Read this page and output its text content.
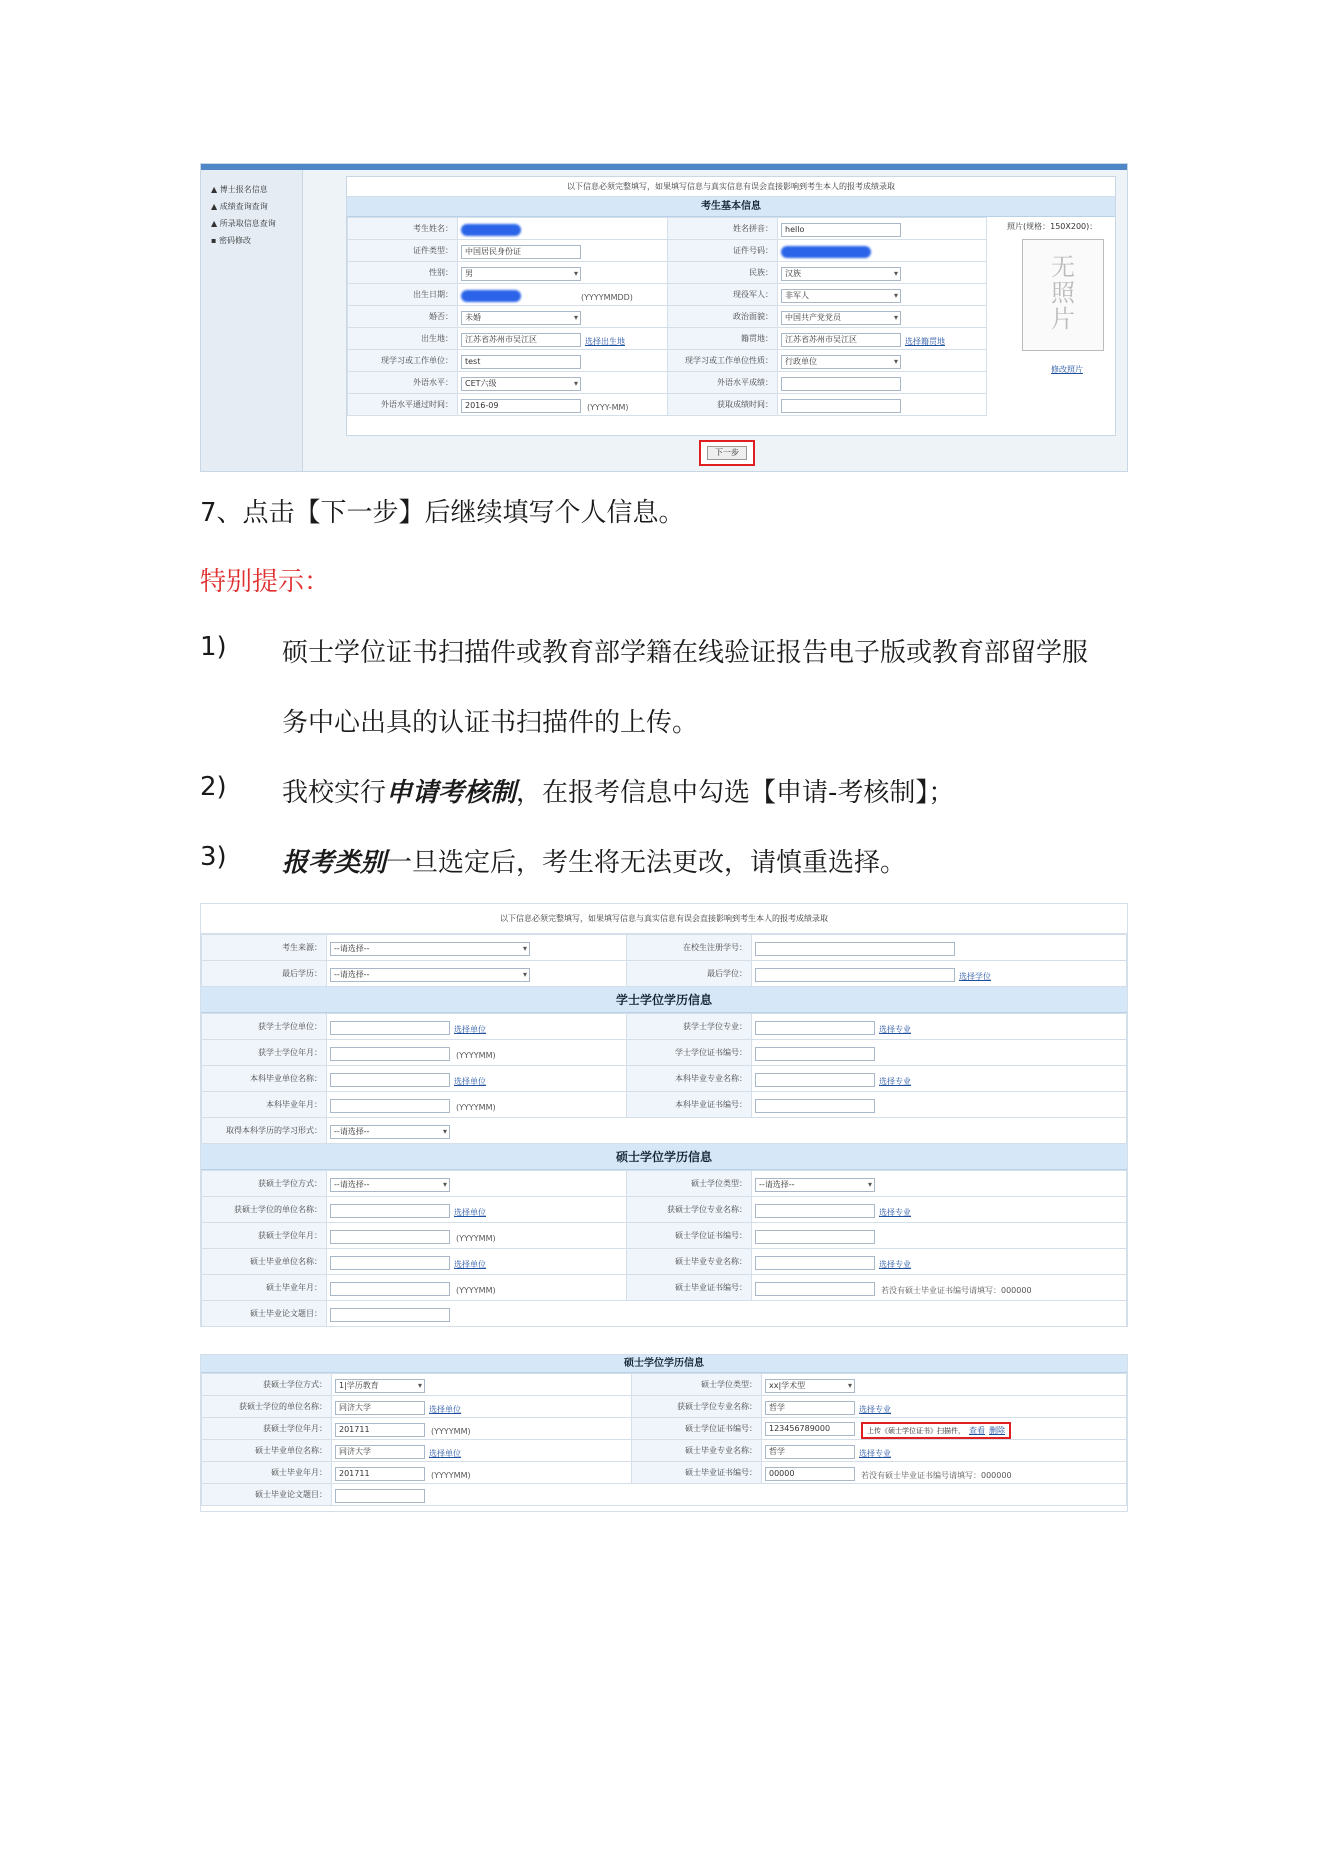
▲ 博士报名信息
▲ 成绩查询查询
▲ 所录取信息查询
▪ 密码修改
以下信息必须完整填写，如果填写信息与真实信息有误会直接影响到考生本人的报考成绩录取
考生基本信息
考生姓名：		姓名拼音：	hello
证件类型：	中国居民身份证	证件号码：	
性别：	男 ▾	民族：	汉族 ▾
出生日期：	(YYYYMMDD)	现役军人：	非军人 ▾
婚否：	未婚 ▾	政治面貌：	中国共产党党员 ▾
出生地：	江苏省苏州市吴江区 选择出生地	籍贯地：	江苏省苏州市吴江区 选择籍贯地
现学习或工作单位：	test	现学习或工作单位性质：	行政单位 ▾
外语水平：	CET六级 ▾	外语水平成绩：	
外语水平通过时间：	2016-09 (YYYY-MM)	获取成绩时间：	
照片(规格：150X200)：
无
照
片
修改照片
下一步
7、点击【下一步】后继续填写个人信息。
特别提示：
1) 硕士学位证书扫描件或教育部学籍在线验证报告电子版或教育部留学服
务中心出具的认证书扫描件的上传。
2) 我校实行申请考核制，在报考信息中勾选【申请-考核制】；
3) 报考类别一旦选定后，考生将无法更改，请慎重选择。
以下信息必须完整填写，如果填写信息与真实信息有误会直接影响到考生本人的报考成绩录取
考生来源：	--请选择-- ▾	在校生注册学号：	
最后学历：	--请选择-- ▾	最后学位：	选择学位
学士学位学历信息
获学士学位单位：	选择单位	获学士学位专业：	选择专业
获学士学位年月：	(YYYYMM)	学士学位证书编号：	
本科毕业单位名称：	选择单位	本科毕业专业名称：	选择专业
本科毕业年月：	(YYYYMM)	本科毕业证书编号：	
取得本科学历的学习形式：	--请选择-- ▾
硕士学位学历信息
获硕士学位方式：	--请选择-- ▾	硕士学位类型：	--请选择-- ▾
获硕士学位的单位名称：	选择单位	获硕士学位专业名称：	选择专业
获硕士学位年月：	(YYYYMM)	硕士学位证书编号：	
硕士毕业单位名称：	选择单位	硕士毕业专业名称：	选择专业
硕士毕业年月：	(YYYYMM)	硕士毕业证书编号：	若没有硕士毕业证书编号请填写：000000
硕士毕业论文题目：			
硕士学位学历信息
获硕士学位方式：	1|学历教育 ▾	硕士学位类型：	xx|学术型 ▾
获硕士学位的单位名称：	同济大学 选择单位	获硕士学位专业名称：	哲学 选择专业
获硕士学位年月：	201711 (YYYYMM)	硕士学位证书编号：	123456789000 上传《硕士学位证书》扫描件， 查看 删除
硕士毕业单位名称：	同济大学 选择单位	硕士毕业专业名称：	哲学 选择专业
硕士毕业年月：	201711 (YYYYMM)	硕士毕业证书编号：	00000 若没有硕士毕业证书编号请填写：000000
硕士毕业论文题目：			
